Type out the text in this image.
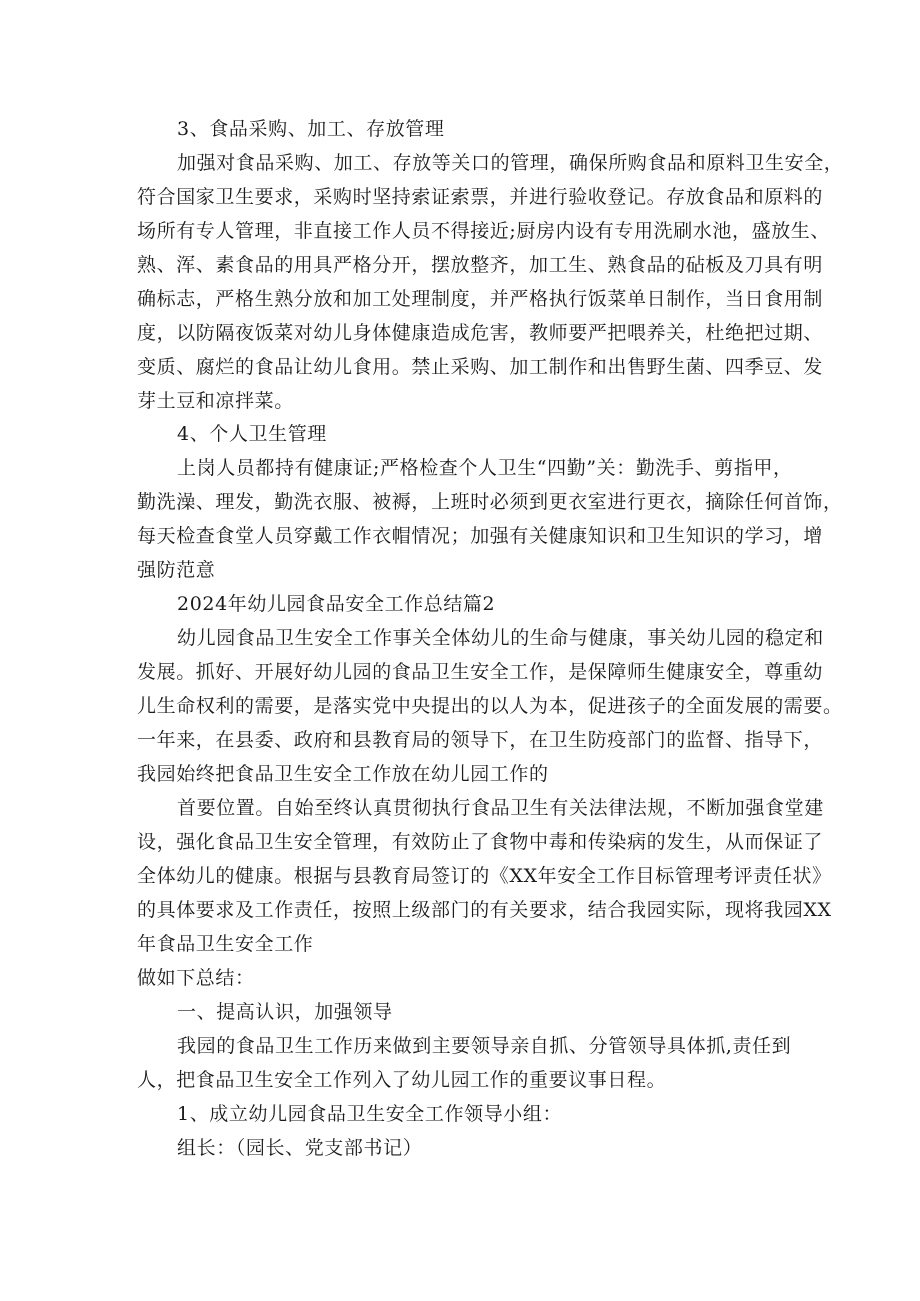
3、食品采购、加工、存放管理

加强对食品采购、加工、存放等关口的管理，确保所购食品和原料卫生安全，

符合国家卫生要求，采购时坚持索证索票，并进行验收登记。存放食品和原料的

场所有专人管理，非直接工作人员不得接近;厨房内设有专用洗刷水池，盛放生、

熟、浑、素食品的用具严格分开，摆放整齐，加工生、熟食品的砧板及刀具有明

确标志，严格生熟分放和加工处理制度，并严格执行饭菜单日制作，当日食用制

度，以防隔夜饭菜对幼儿身体健康造成危害，教师要严把喂养关，杜绝把过期、

变质、腐烂的食品让幼儿食用。禁止采购、加工制作和出售野生菌、四季豆、发

芽土豆和凉拌菜。

4、个人卫生管理

上岗人员都持有健康证;严格检查个人卫生“四勤”关：勤洗手、剪指甲，

勤洗澡、理发，勤洗衣服、被褥，上班时必须到更衣室进行更衣，摘除任何首饰，

每天检查食堂人员穿戴工作衣帽情况；加强有关健康知识和卫生知识的学习，增

强防范意

2024年幼儿园食品安全工作总结篇2

幼儿园食品卫生安全工作事关全体幼儿的生命与健康，事关幼儿园的稳定和

发展。抓好、开展好幼儿园的食品卫生安全工作，是保障师生健康安全，尊重幼

儿生命权利的需要，是落实党中央提出的以人为本，促进孩子的全面发展的需要。

一年来，在县委、政府和县教育局的领导下，在卫生防疫部门的监督、指导下，

我园始终把食品卫生安全工作放在幼儿园工作的

首要位置。自始至终认真贯彻执行食品卫生有关法律法规，不断加强食堂建

设，强化食品卫生安全管理，有效防止了食物中毒和传染病的发生，从而保证了

全体幼儿的健康。根据与县教育局签订的《XX年安全工作目标管理考评责任状》

的具体要求及工作责任，按照上级部门的有关要求，结合我园实际，现将我园XX

年食品卫生安全工作

做如下总结：

一、提高认识，加强领导

我园的食品卫生工作历来做到主要领导亲自抓、分管领导具体抓,责任到

人，把食品卫生安全工作列入了幼儿园工作的重要议事日程。

1、成立幼儿园食品卫生安全工作领导小组：

组长：（园长、党支部书记）
